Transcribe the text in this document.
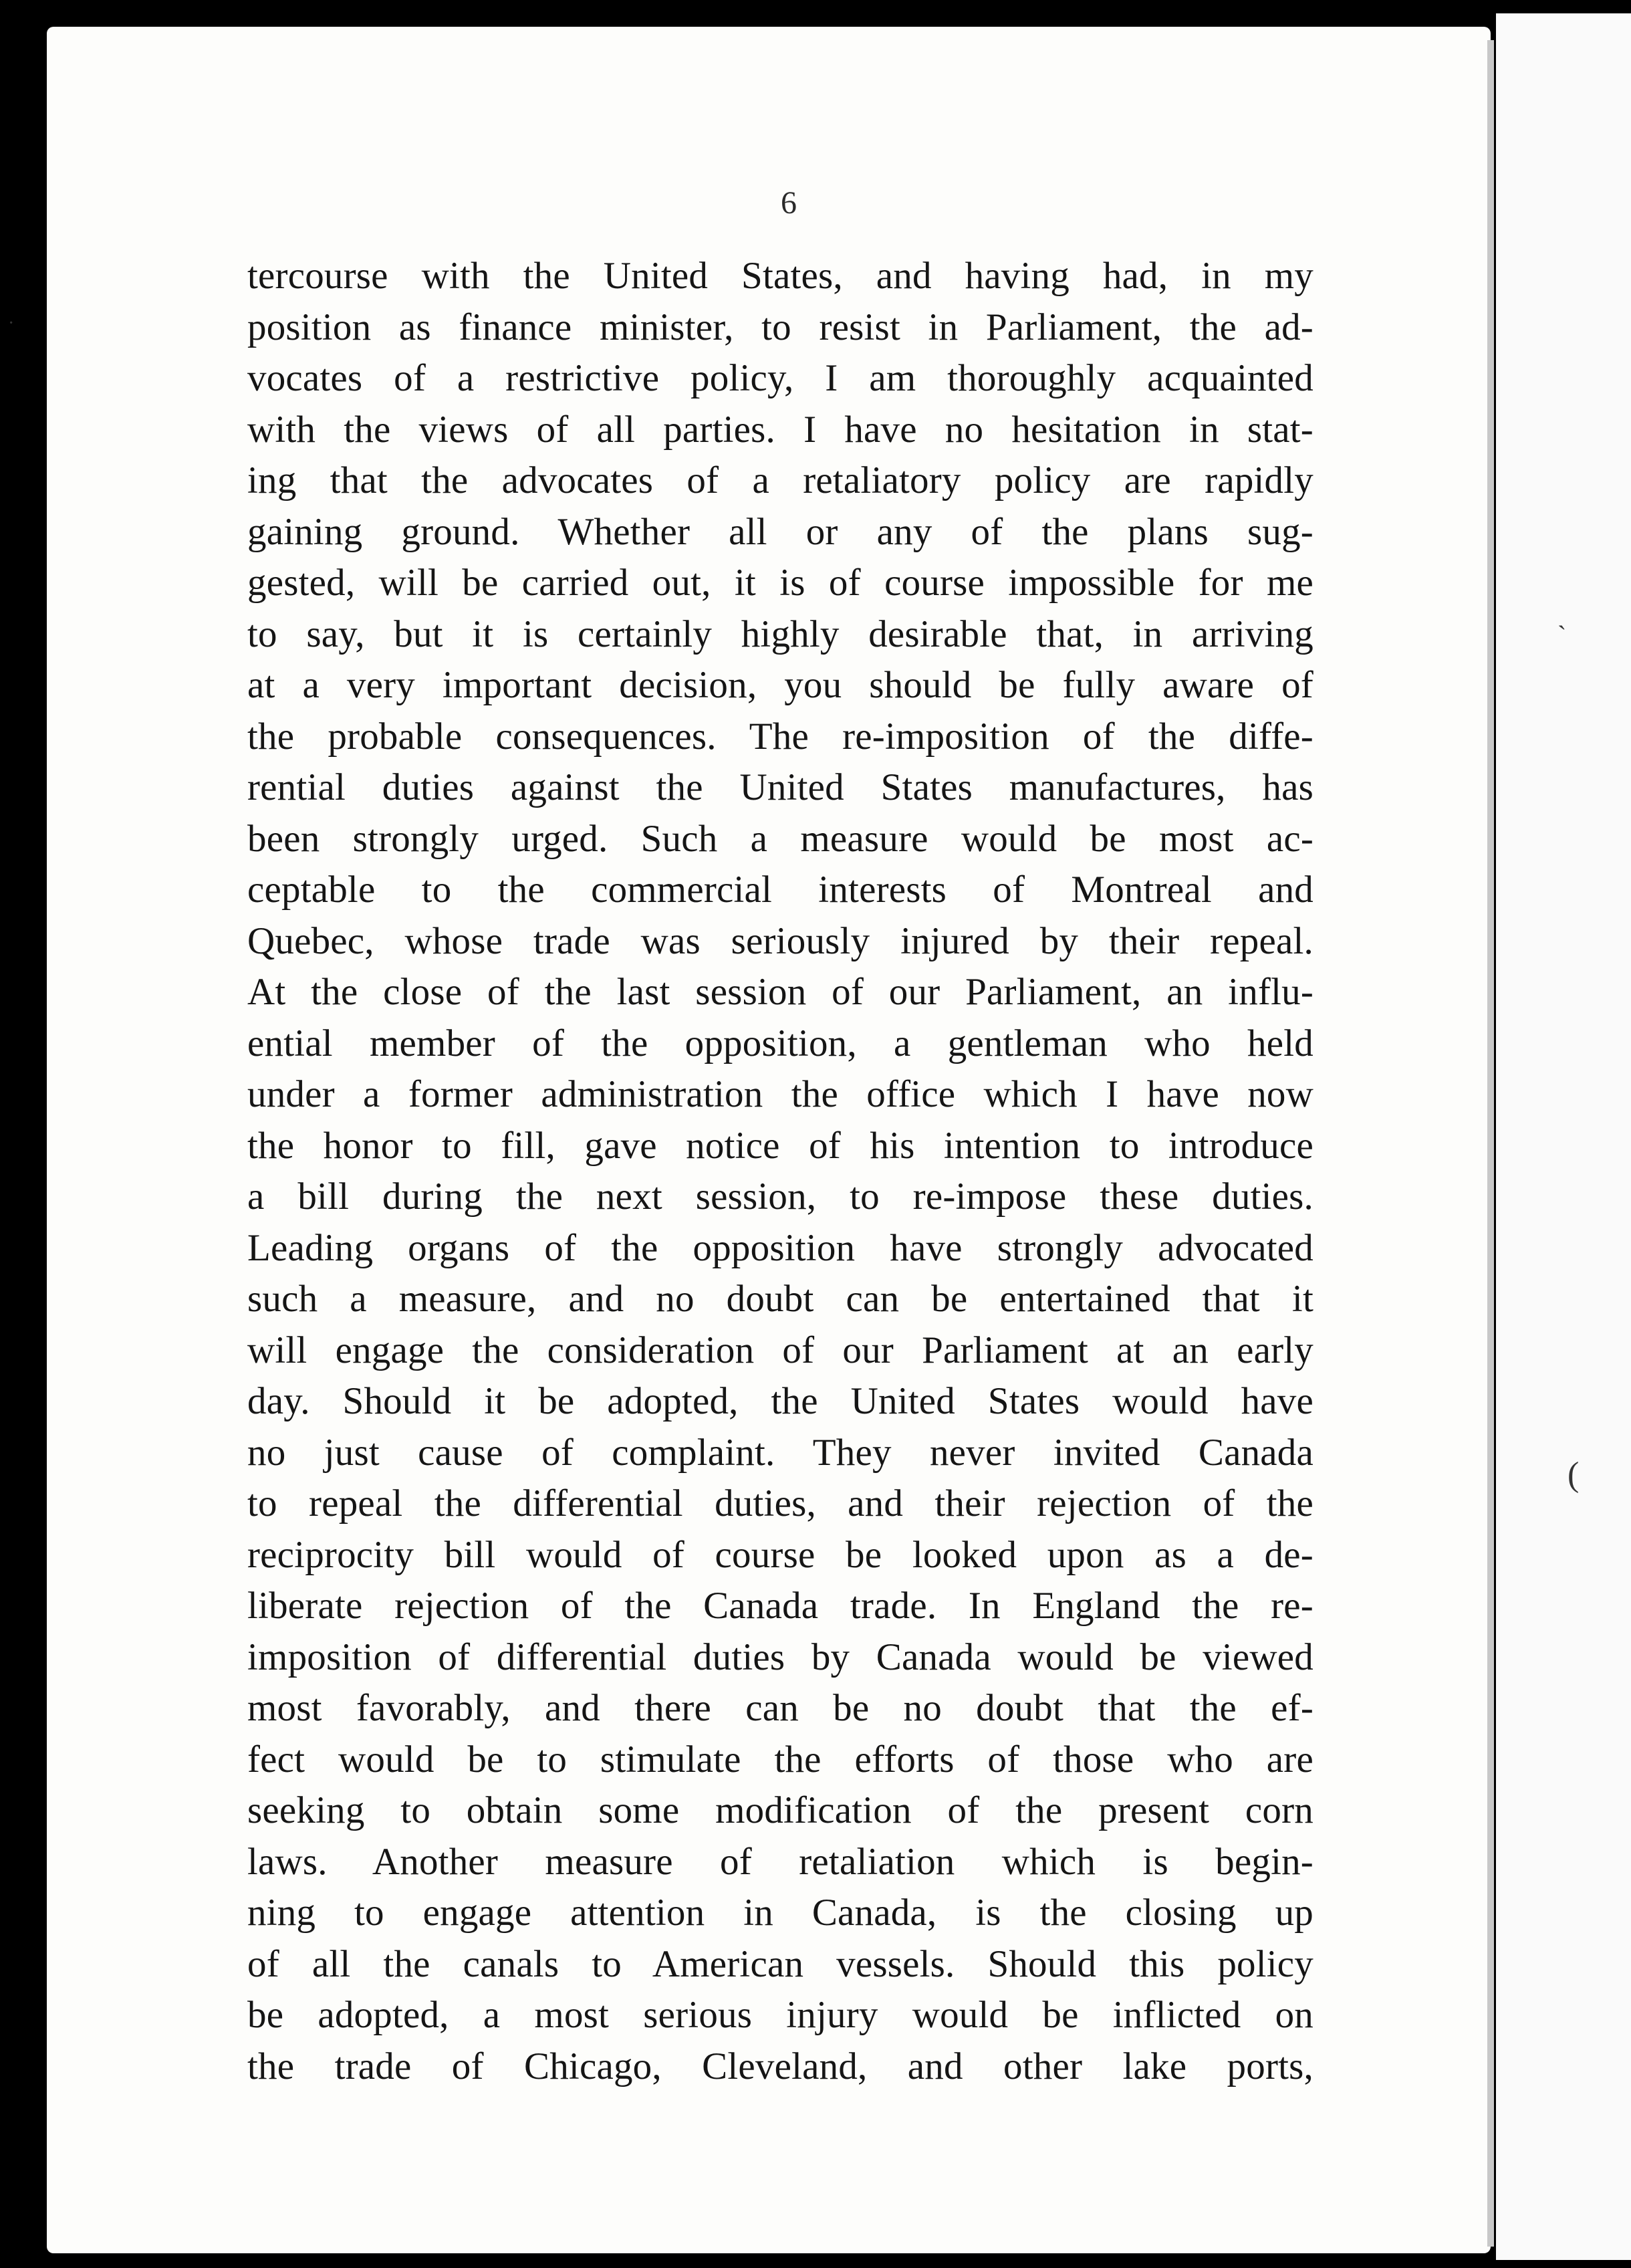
6
tercourse with the United States, and having had, in my
position as finance minister, to resist in Parliament, the ad-
vocates of a restrictive policy, I am thoroughly acquainted
with the views of all parties. I have no hesitation in stat-
ing that the advocates of a retaliatory policy are rapidly
gaining ground. Whether all or any of the plans sug-
gested, will be carried out, it is of course impossible for me
to say, but it is certainly highly desirable that, in arriving
at a very important decision, you should be fully aware of
the probable consequences. The re-imposition of the diffe-
rential duties against the United States manufactures, has
been strongly urged. Such a measure would be most ac-
ceptable to the commercial interests of Montreal and
Quebec, whose trade was seriously injured by their repeal.
At the close of the last session of our Parliament, an influ-
ential member of the opposition, a gentleman who held
under a former administration the office which I have now
the honor to fill, gave notice of his intention to introduce
a bill during the next session, to re-impose these duties.
Leading organs of the opposition have strongly advocated
such a measure, and no doubt can be entertained that it
will engage the consideration of our Parliament at an early
day. Should it be adopted, the United States would have
no just cause of complaint. They never invited Canada
to repeal the differential duties, and their rejection of the
reciprocity bill would of course be looked upon as a de-
liberate rejection of the Canada trade. In England the re-
imposition of differential duties by Canada would be viewed
most favorably, and there can be no doubt that the ef-
fect would be to stimulate the efforts of those who are
seeking to obtain some modification of the present corn
laws. Another measure of retaliation which is begin-
ning to engage attention in Canada, is the closing up
of all the canals to American vessels. Should this policy
be adopted, a most serious injury would be inflicted on
the trade of Chicago, Cleveland, and other lake ports,
ˎ
(
·
